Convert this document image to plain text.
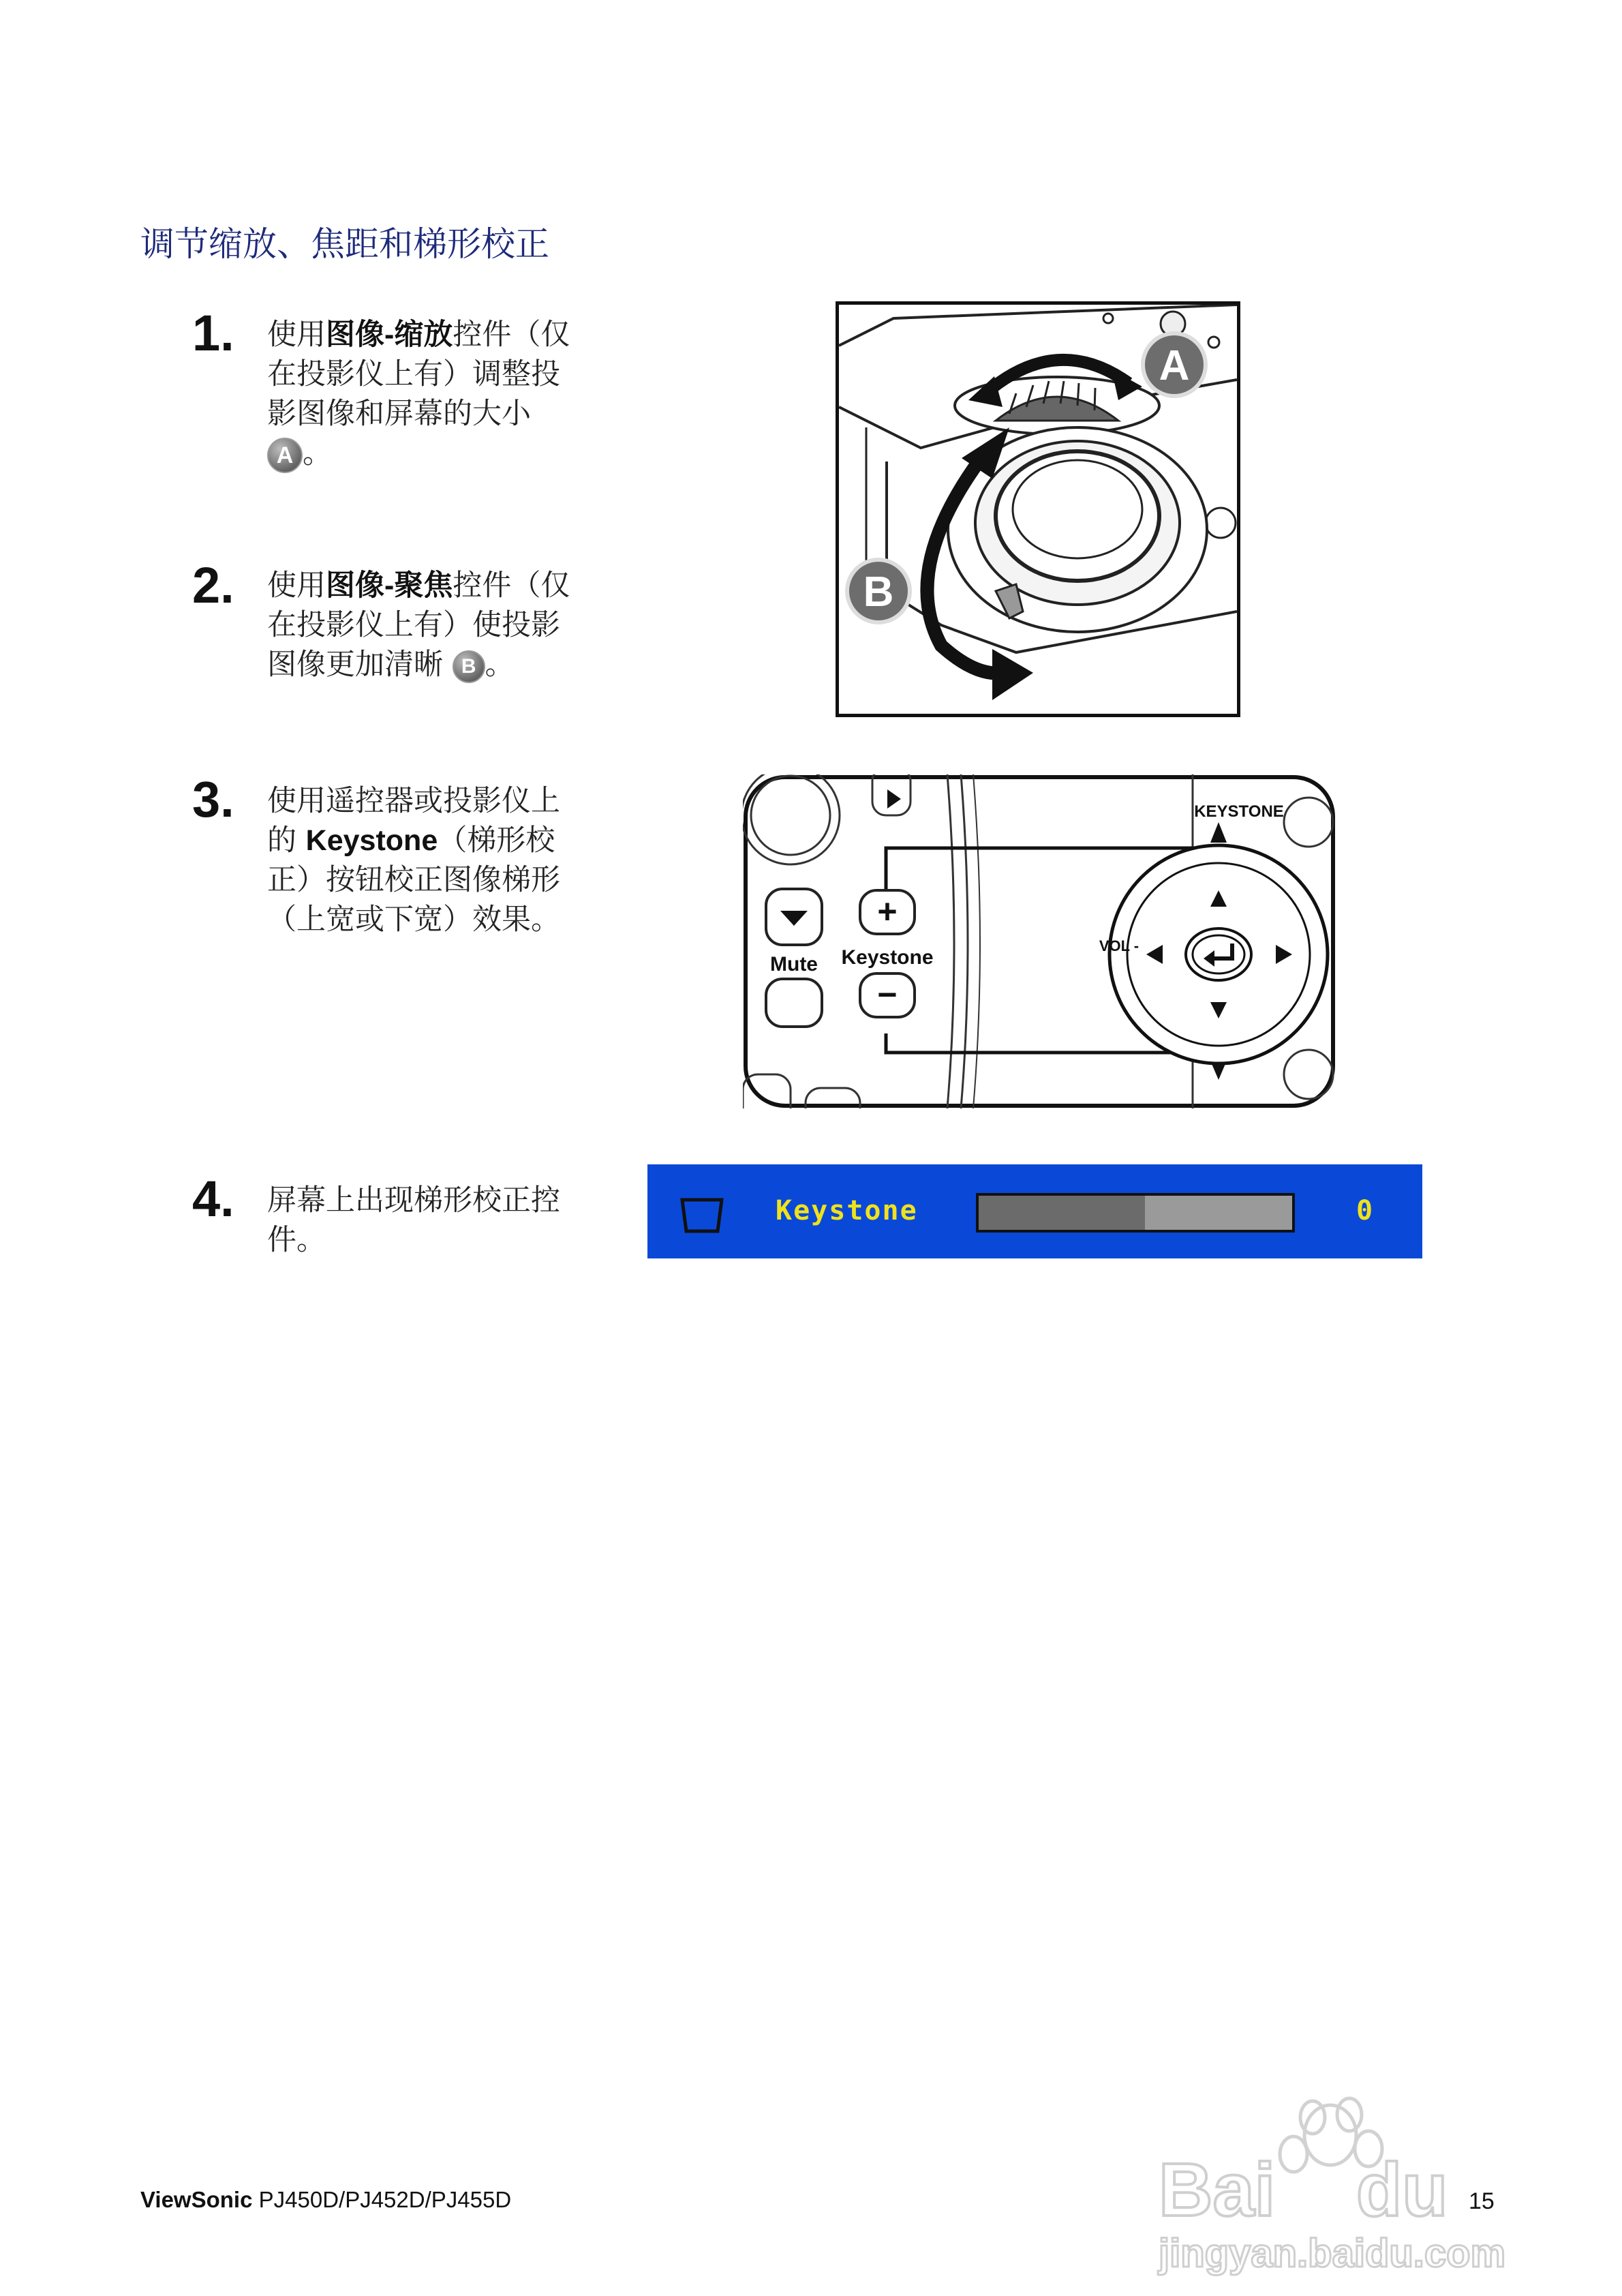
调节缩放、焦距和梯形校正
1. 使用图像-缩放控件（仅在投影仪上有）调整投影图像和屏幕的大小
A 。
2. 使用图像-聚焦控件（仅在投影仪上有）使投影图像更加清晰 B 。
3. 使用遥控器或投影仪上的 Keystone（梯形校正）按钮校正图像梯形（上宽或下宽）效果。
4. 屏幕上出现梯形校正控件。
A
B
Mute
+
Keystone
−
KEYSTONE
VOL -
Keystone	0
ViewSonic PJ450D/PJ452D/PJ455D	15
Bai du
jingyan.baidu.com
